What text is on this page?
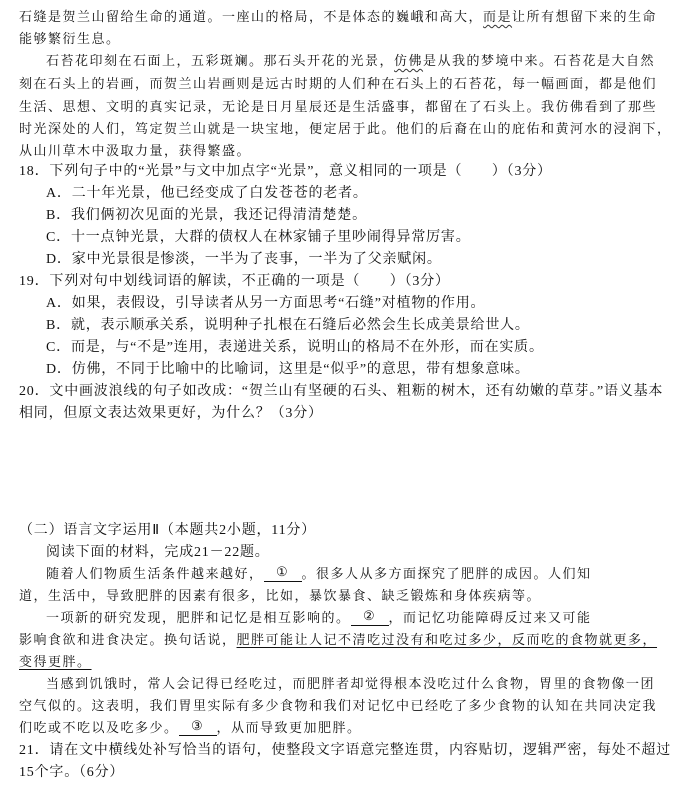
石缝是贺兰山留给生命的通道。一座山的格局，不是体态的巍峨和高大，而是让所有想留下来的生命
能够繁衍生息。
石苔花印刻在石面上，五彩斑斓。那石头开花的光景，仿佛是从我的梦境中来。石苔花是大自然
刻在石头上的岩画，而贺兰山岩画则是远古时期的人们种在石头上的石苔花，每一幅画面，都是他们
生活、思想、文明的真实记录，无论是日月星辰还是生活盛事，都留在了石头上。我仿佛看到了那些
时光深处的人们，笃定贺兰山就是一块宝地，便定居于此。他们的后裔在山的庇佑和黄河水的浸润下，
从山川草木中汲取力量，获得繁盛。
18．下列句子中的“光景”与文中加点字“光景”，意义相同的一项是（　　）（3分）
A．二十年光景，他已经变成了白发苍苍的老者。
B．我们俩初次见面的光景，我还记得清清楚楚。
C．十一点钟光景，大群的债权人在林家铺子里吵闹得异常厉害。
D．家中光景很是惨淡，一半为了丧事，一半为了父亲赋闲。
19．下列对句中划线词语的解读，不正确的一项是（　　）（3分）
A．如果，表假设，引导读者从另一方面思考“石缝”对植物的作用。
B．就，表示顺承关系，说明种子扎根在石缝后必然会生长成美景给世人。
C．而是，与“不是”连用，表递进关系，说明山的格局不在外形，而在实质。
D．仿佛，不同于比喻中的比喻词，这里是“似乎”的意思，带有想象意味。
20．文中画波浪线的句子如改成：“贺兰山有坚硬的石头、粗粝的树木，还有幼嫩的草芽。”语义基本
相同，但原文表达效果更好，为什么？（3分）
（二）语言文字运用Ⅱ（本题共2小题，11分）
阅读下面的材料，完成21－22题。
随着人们物质生活条件越来越好， ① 。很多人从多方面探究了肥胖的成因。人们知
道，生活中，导致肥胖的因素有很多，比如，暴饮暴食、缺乏锻炼和身体疾病等。
一项新的研究发现，肥胖和记忆是相互影响的。 ② ，而记忆功能障碍反过来又可能
影响食欲和进食决定。换句话说，肥胖可能让人记不清吃过没有和吃过多少，反而吃的食物就更多，
变得更胖。
当感到饥饿时，常人会记得已经吃过，而肥胖者却觉得根本没吃过什么食物，胃里的食物像一团
空气似的。这表明，我们胃里实际有多少食物和我们对记忆中已经吃了多少食物的认知在共同决定我
们吃或不吃以及吃多少。 ③ ，从而导致更加肥胖。
21．请在文中横线处补写恰当的语句，使整段文字语意完整连贯，内容贴切，逻辑严密，每处不超过
15个字。（6分）
